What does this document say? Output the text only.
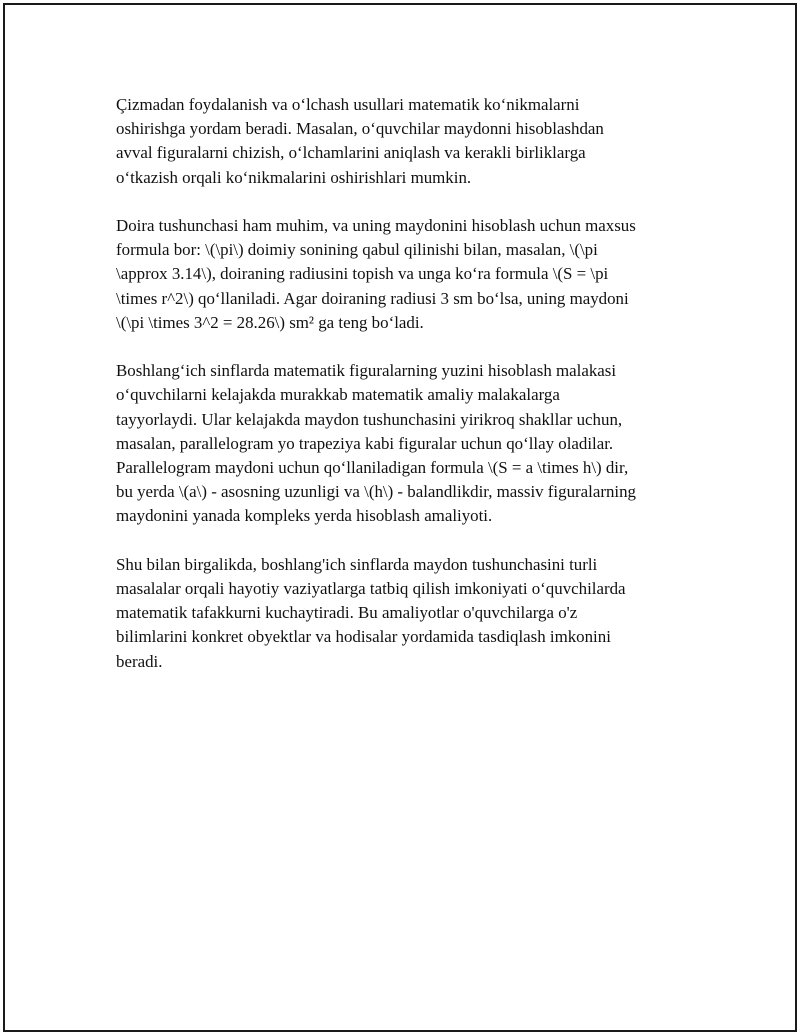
Çizmadan foydalanish va o‘lchash usullari matematik ko‘nikmalarni
oshirishga yordam beradi. Masalan, o‘quvchilar maydonni hisoblashdan
avval figuralarni chizish, o‘lchamlarini aniqlash va kerakli birliklarga
o‘tkazish orqali ko‘nikmalarini oshirishlari mumkin.

Doira tushunchasi ham muhim, va uning maydonini hisoblash uchun maxsus
formula bor: \(\pi\) doimiy sonining qabul qilinishi bilan, masalan, \(\pi
\approx 3.14\), doiraning radiusini topish va unga ko‘ra formula \(S = \pi
\times r^2\) qo‘llaniladi. Agar doiraning radiusi 3 sm bo‘lsa, uning maydoni
\(\pi \times 3^2 = 28.26\) sm² ga teng bo‘ladi.

Boshlang‘ich sinflarda matematik figuralarning yuzini hisoblash malakasi
o‘quvchilarni kelajakda murakkab matematik amaliy malakalarga
tayyorlaydi. Ular kelajakda maydon tushunchasini yirikroq shakllar uchun,
masalan, parallelogram yo trapeziya kabi figuralar uchun qo‘llay oladilar.
Parallelogram maydoni uchun qo‘llaniladigan formula \(S = a \times h\) dir,
bu yerda \(a\) - asosning uzunligi va \(h\) - balandlikdir, massiv figuralarning
maydonini yanada kompleks yerda hisoblash amaliyoti.

Shu bilan birgalikda, boshlang'ich sinflarda maydon tushunchasini turli
masalalar orqali hayotiy vaziyatlarga tatbiq qilish imkoniyati o‘quvchilarda
matematik tafakkurni kuchaytiradi. Bu amaliyotlar o'quvchilarga o'z
bilimlarini konkret obyektlar va hodisalar yordamida tasdiqlash imkonini
beradi.
